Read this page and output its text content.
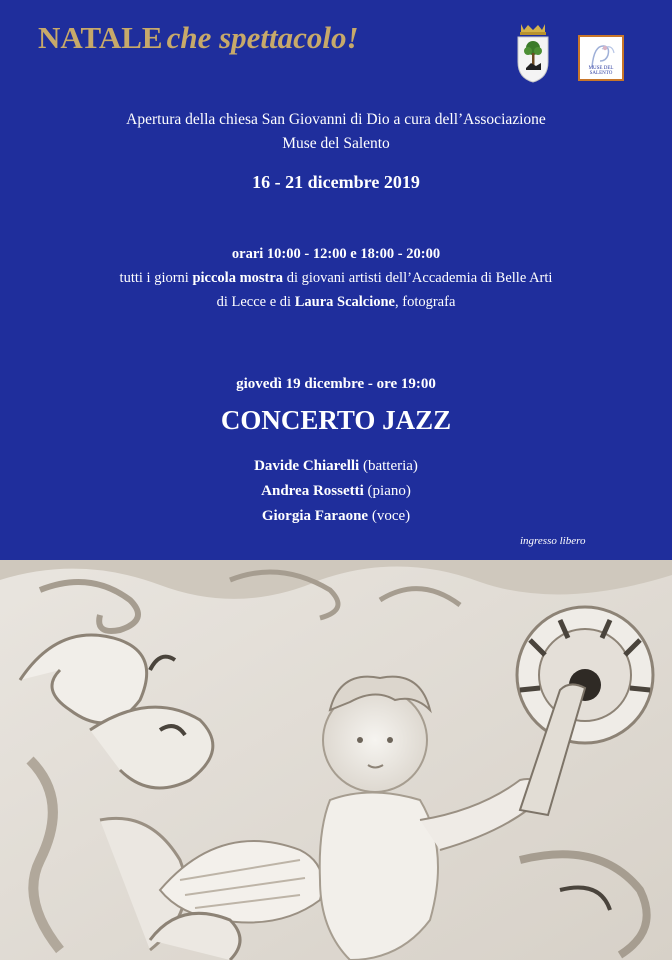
NATALE che spettacolo!
MUSE DEL SALENTO
Apertura della chiesa San Giovanni di Dio a cura dell’Associazione
Muse del Salento
16 - 21 dicembre 2019
orari 10:00 - 12:00 e 18:00 - 20:00
tutti i giorni piccola mostra di giovani artisti dell’Accademia di Belle Arti
di Lecce e di Laura Scalcione, fotografa
giovedì 19 dicembre - ore 19:00
CONCERTO JAZZ
Davide Chiarelli (batteria)
Andrea Rossetti (piano)
Giorgia Faraone (voce)
ingresso libero
